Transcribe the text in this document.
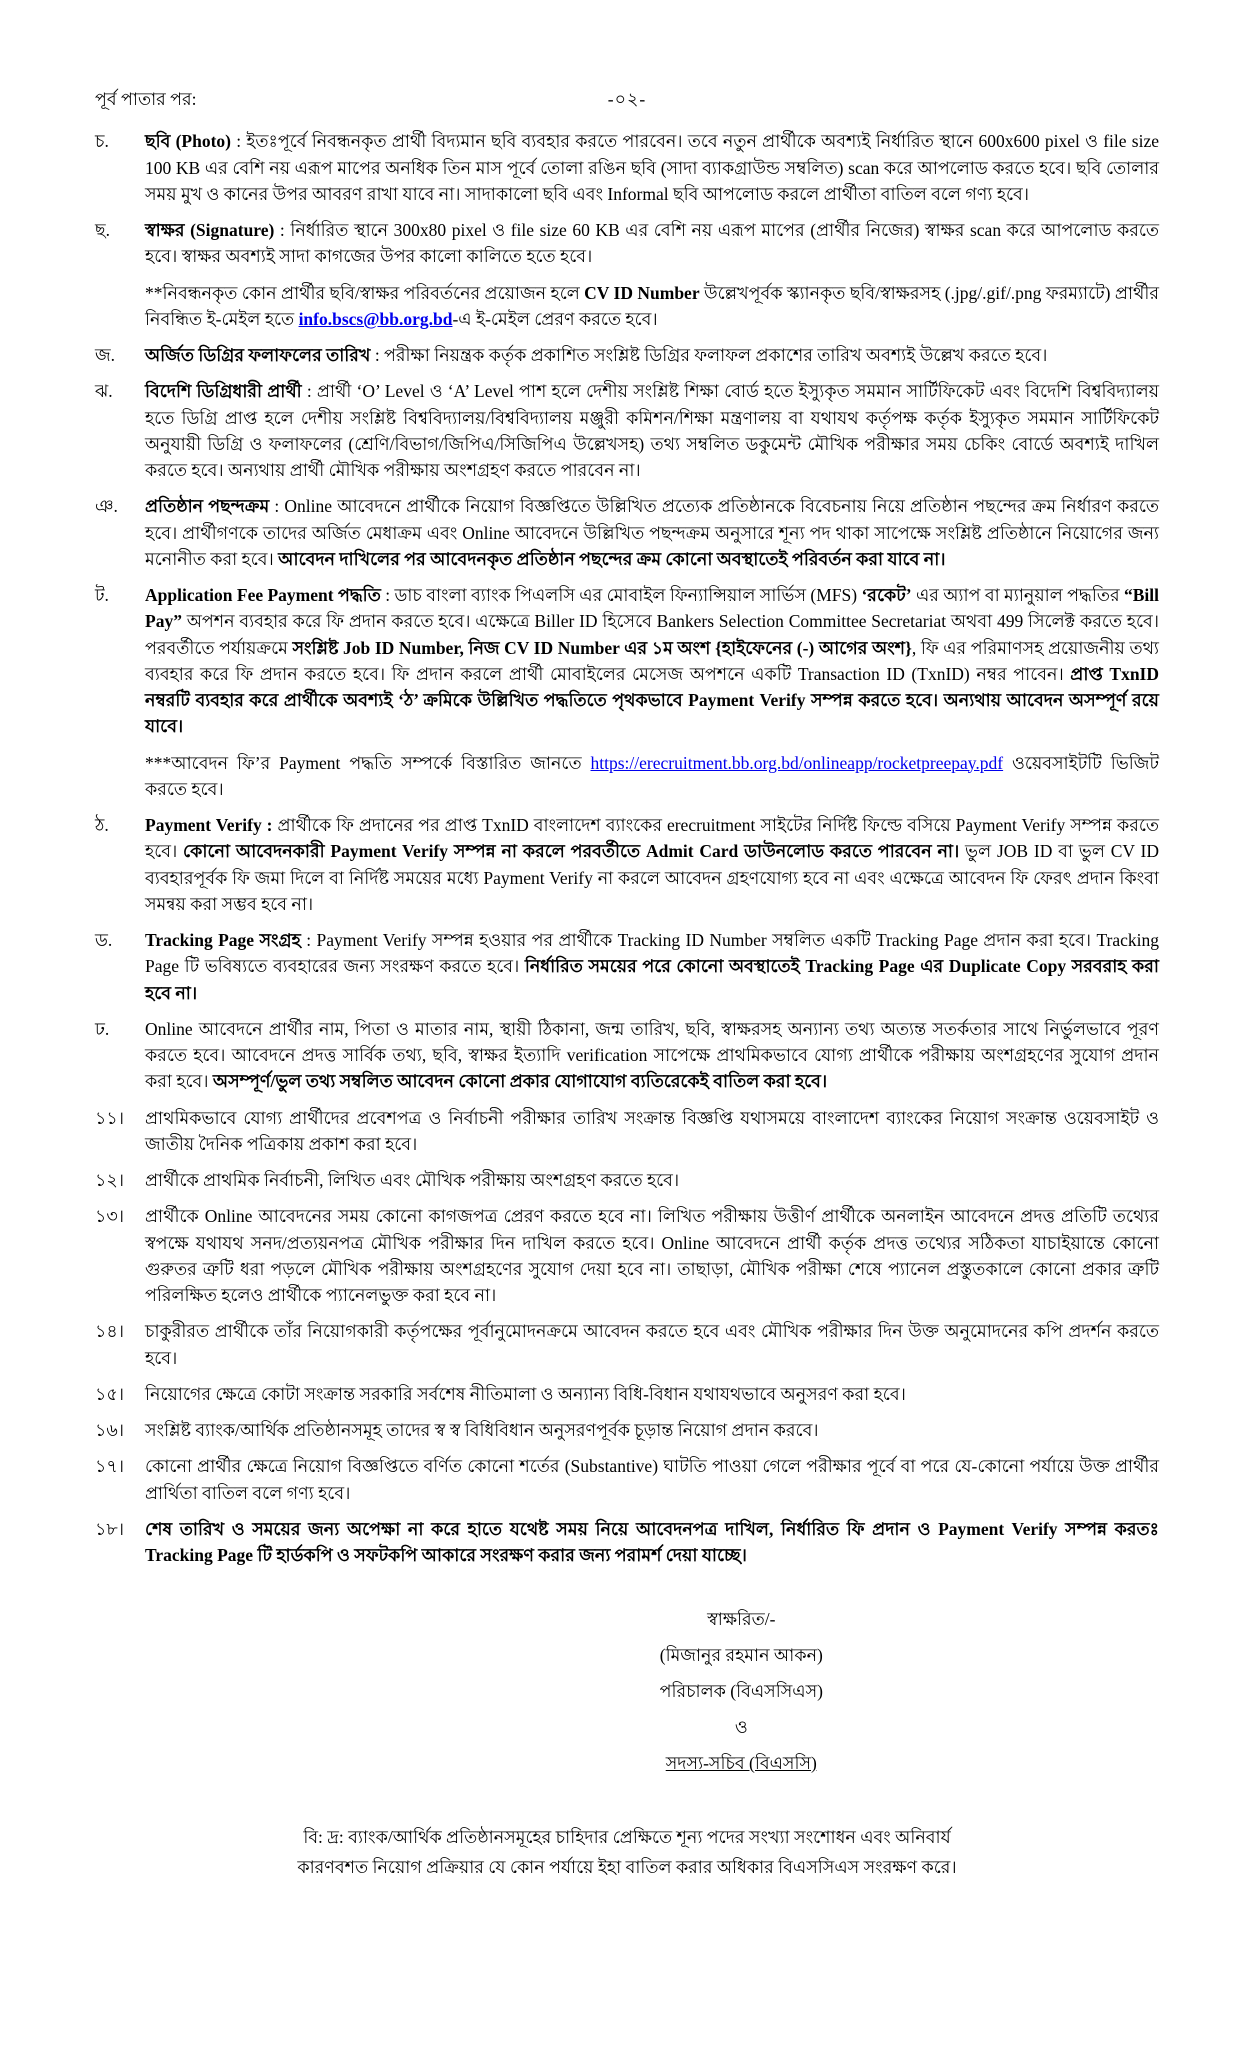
পূর্ব পাতার পর:	-০২-
চ.	ছবি (Photo) : ইতঃপূর্বে নিবন্ধনকৃত প্রার্থী বিদ্যমান ছবি ব্যবহার করতে পারবেন। তবে নতুন প্রার্থীকে অবশ্যই নির্ধারিত স্থানে 600x600 pixel ও file size 100 KB এর বেশি নয় এরূপ মাপের অনধিক তিন মাস পূর্বে তোলা রঙিন ছবি (সাদা ব্যাকগ্রাউন্ড সম্বলিত) scan করে আপলোড করতে হবে। ছবি তোলার সময় মুখ ও কানের উপর আবরণ রাখা যাবে না। সাদাকালো ছবি এবং Informal ছবি আপলোড করলে প্রার্থীতা বাতিল বলে গণ্য হবে।
ছ.	স্বাক্ষর (Signature) : নির্ধারিত স্থানে 300x80 pixel ও file size 60 KB এর বেশি নয় এরূপ মাপের (প্রার্থীর নিজের) স্বাক্ষর scan করে আপলোড করতে হবে। স্বাক্ষর অবশ্যই সাদা কাগজের উপর কালো কালিতে হতে হবে।
**নিবন্ধনকৃত কোন প্রার্থীর ছবি/স্বাক্ষর পরিবর্তনের প্রয়োজন হলে CV ID Number উল্লেখপূর্বক স্ক্যানকৃত ছবি/স্বাক্ষরসহ (.jpg/.gif/.png ফরম্যাটে) প্রার্থীর নিবন্ধিত ই-মেইল হতে info.bscs@bb.org.bd-এ ই-মেইল প্রেরণ করতে হবে।
জ.	অর্জিত ডিগ্রির ফলাফলের তারিখ : পরীক্ষা নিয়ন্ত্রক কর্তৃক প্রকাশিত সংশ্লিষ্ট ডিগ্রির ফলাফল প্রকাশের তারিখ অবশ্যই উল্লেখ করতে হবে।
ঝ.	বিদেশি ডিগ্রিধারী প্রার্থী : প্রার্থী ‘O’ Level ও ‘A’ Level পাশ হলে দেশীয় সংশ্লিষ্ট শিক্ষা বোর্ড হতে ইস্যুকৃত সমমান সার্টিফিকেট এবং বিদেশি বিশ্ববিদ্যালয় হতে ডিগ্রি প্রাপ্ত হলে দেশীয় সংশ্লিষ্ট বিশ্ববিদ্যালয়/বিশ্ববিদ্যালয় মঞ্জুরী কমিশন/শিক্ষা মন্ত্রণালয় বা যথাযথ কর্তৃপক্ষ কর্তৃক ইস্যুকৃত সমমান সার্টিফিকেট অনুযায়ী ডিগ্রি ও ফলাফলের (শ্রেণি/বিভাগ/জিপিএ/সিজিপিএ উল্লেখসহ) তথ্য সম্বলিত ডকুমেন্ট মৌখিক পরীক্ষার সময় চেকিং বোর্ডে অবশ্যই দাখিল করতে হবে। অন্যথায় প্রার্থী মৌখিক পরীক্ষায় অংশগ্রহণ করতে পারবেন না।
ঞ.	প্রতিষ্ঠান পছন্দক্রম : Online আবেদনে প্রার্থীকে নিয়োগ বিজ্ঞপ্তিতে উল্লিখিত প্রত্যেক প্রতিষ্ঠানকে বিবেচনায় নিয়ে প্রতিষ্ঠান পছন্দের ক্রম নির্ধারণ করতে হবে। প্রার্থীগণকে তাদের অর্জিত মেধাক্রম এবং Online আবেদনে উল্লিখিত পছন্দক্রম অনুসারে শূন্য পদ থাকা সাপেক্ষে সংশ্লিষ্ট প্রতিষ্ঠানে নিয়োগের জন্য মনোনীত করা হবে। আবেদন দাখিলের পর আবেদনকৃত প্রতিষ্ঠান পছন্দের ক্রম কোনো অবস্থাতেই পরিবর্তন করা যাবে না।
ট.	Application Fee Payment পদ্ধতি : ডাচ বাংলা ব্যাংক পিএলসি এর মোবাইল ফিন্যান্সিয়াল সার্ভিস (MFS) ‘রকেট’ এর অ্যাপ বা ম্যানুয়াল পদ্ধতির “Bill Pay” অপশন ব্যবহার করে ফি প্রদান করতে হবে। এক্ষেত্রে Biller ID হিসেবে Bankers Selection Committee Secretariat অথবা 499 সিলেক্ট করতে হবে। পরবর্তীতে পর্যায়ক্রমে সংশ্লিষ্ট Job ID Number, নিজ CV ID Number এর ১ম অংশ {হাইফেনের (-) আগের অংশ}, ফি এর পরিমাণসহ প্রয়োজনীয় তথ্য ব্যবহার করে ফি প্রদান করতে হবে। ফি প্রদান করলে প্রার্থী মোবাইলের মেসেজ অপশনে একটি Transaction ID (TxnID) নম্বর পাবেন। প্রাপ্ত TxnID নম্বরটি ব্যবহার করে প্রার্থীকে অবশ্যই ‘ঠ’ ক্রমিকে উল্লিখিত পদ্ধতিতে পৃথকভাবে Payment Verify সম্পন্ন করতে হবে। অন্যথায় আবেদন অসম্পূর্ণ রয়ে যাবে।
***আবেদন ফি’র Payment পদ্ধতি সম্পর্কে বিস্তারিত জানতে https://erecruitment.bb.org.bd/onlineapp/rocketpreepay.pdf ওয়েবসাইটটি ভিজিট করতে হবে।
ঠ.	Payment Verify : প্রার্থীকে ফি প্রদানের পর প্রাপ্ত TxnID বাংলাদেশ ব্যাংকের erecruitment সাইটের নির্দিষ্ট ফিল্ডে বসিয়ে Payment Verify সম্পন্ন করতে হবে। কোনো আবেদনকারী Payment Verify সম্পন্ন না করলে পরবর্তীতে Admit Card ডাউনলোড করতে পারবেন না। ভুল JOB ID বা ভুল CV ID ব্যবহারপূর্বক ফি জমা দিলে বা নির্দিষ্ট সময়ের মধ্যে Payment Verify না করলে আবেদন গ্রহণযোগ্য হবে না এবং এক্ষেত্রে আবেদন ফি ফেরৎ প্রদান কিংবা সমন্বয় করা সম্ভব হবে না।
ড.	Tracking Page সংগ্রহ : Payment Verify সম্পন্ন হওয়ার পর প্রার্থীকে Tracking ID Number সম্বলিত একটি Tracking Page প্রদান করা হবে। Tracking Page টি ভবিষ্যতে ব্যবহারের জন্য সংরক্ষণ করতে হবে। নির্ধারিত সময়ের পরে কোনো অবস্থাতেই Tracking Page এর Duplicate Copy সরবরাহ করা হবে না।
ঢ.	Online আবেদনে প্রার্থীর নাম, পিতা ও মাতার নাম, স্থায়ী ঠিকানা, জন্ম তারিখ, ছবি, স্বাক্ষরসহ অন্যান্য তথ্য অত্যন্ত সতর্কতার সাথে নির্ভুলভাবে পূরণ করতে হবে। আবেদনে প্রদত্ত সার্বিক তথ্য, ছবি, স্বাক্ষর ইত্যাদি verification সাপেক্ষে প্রাথমিকভাবে যোগ্য প্রার্থীকে পরীক্ষায় অংশগ্রহণের সুযোগ প্রদান করা হবে। অসম্পূর্ণ/ভুল তথ্য সম্বলিত আবেদন কোনো প্রকার যোগাযোগ ব্যতিরেকেই বাতিল করা হবে।
১১।	প্রাথমিকভাবে যোগ্য প্রার্থীদের প্রবেশপত্র ও নির্বাচনী পরীক্ষার তারিখ সংক্রান্ত বিজ্ঞপ্তি যথাসময়ে বাংলাদেশ ব্যাংকের নিয়োগ সংক্রান্ত ওয়েবসাইট ও জাতীয় দৈনিক পত্রিকায় প্রকাশ করা হবে।
১২।	প্রার্থীকে প্রাথমিক নির্বাচনী, লিখিত এবং মৌখিক পরীক্ষায় অংশগ্রহণ করতে হবে।
১৩।	প্রার্থীকে Online আবেদনের সময় কোনো কাগজপত্র প্রেরণ করতে হবে না। লিখিত পরীক্ষায় উত্তীর্ণ প্রার্থীকে অনলাইন আবেদনে প্রদত্ত প্রতিটি তথ্যের স্বপক্ষে যথাযথ সনদ/প্রত্যয়নপত্র মৌখিক পরীক্ষার দিন দাখিল করতে হবে। Online আবেদনে প্রার্থী কর্তৃক প্রদত্ত তথ্যের সঠিকতা যাচাইয়ান্তে কোনো গুরুতর ত্রুটি ধরা পড়লে মৌখিক পরীক্ষায় অংশগ্রহণের সুযোগ দেয়া হবে না। তাছাড়া, মৌখিক পরীক্ষা শেষে প্যানেল প্রস্তুতকালে কোনো প্রকার ত্রুটি পরিলক্ষিত হলেও প্রার্থীকে প্যানেলভুক্ত করা হবে না।
১৪।	চাকুরীরত প্রার্থীকে তাঁর নিয়োগকারী কর্তৃপক্ষের পূর্বানুমোদনক্রমে আবেদন করতে হবে এবং মৌখিক পরীক্ষার দিন উক্ত অনুমোদনের কপি প্রদর্শন করতে হবে।
১৫।	নিয়োগের ক্ষেত্রে কোটা সংক্রান্ত সরকারি সর্বশেষ নীতিমালা ও অন্যান্য বিধি-বিধান যথাযথভাবে অনুসরণ করা হবে।
১৬।	সংশ্লিষ্ট ব্যাংক/আর্থিক প্রতিষ্ঠানসমূহ তাদের স্ব স্ব বিধিবিধান অনুসরণপূর্বক চূড়ান্ত নিয়োগ প্রদান করবে।
১৭।	কোনো প্রার্থীর ক্ষেত্রে নিয়োগ বিজ্ঞপ্তিতে বর্ণিত কোনো শর্তের (Substantive) ঘাটতি পাওয়া গেলে পরীক্ষার পূর্বে বা পরে যে-কোনো পর্যায়ে উক্ত প্রার্থীর প্রার্থিতা বাতিল বলে গণ্য হবে।
১৮।	শেষ তারিখ ও সময়ের জন্য অপেক্ষা না করে হাতে যথেষ্ট সময় নিয়ে আবেদনপত্র দাখিল, নির্ধারিত ফি প্রদান ও Payment Verify সম্পন্ন করতঃ Tracking Page টি হার্ডকপি ও সফটকপি আকারে সংরক্ষণ করার জন্য পরামর্শ দেয়া যাচ্ছে।
স্বাক্ষরিত/-
(মিজানুর রহমান আকন)
পরিচালক (বিএসসিএস)
ও
সদস্য-সচিব (বিএসসি)
বি: দ্র: ব্যাংক/আর্থিক প্রতিষ্ঠানসমূহের চাহিদার প্রেক্ষিতে শূন্য পদের সংখ্যা সংশোধন এবং অনিবার্য
কারণবশত নিয়োগ প্রক্রিয়ার যে কোন পর্যায়ে ইহা বাতিল করার অধিকার বিএসসিএস সংরক্ষণ করে।
